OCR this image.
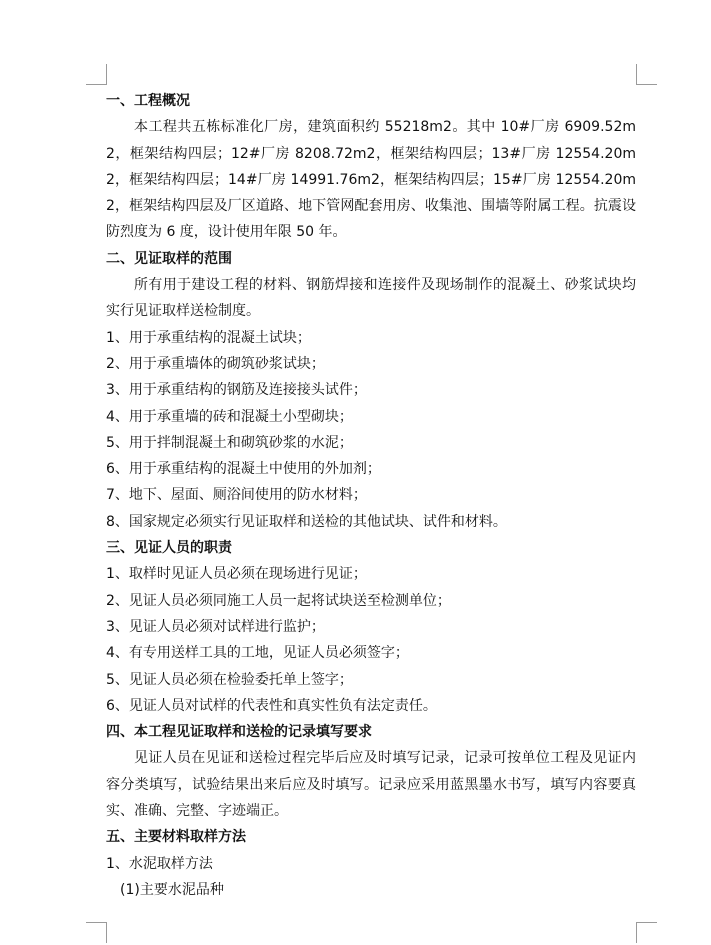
一、工程概况
本工程共五栋标准化厂房，建筑面积约 55218m2。其中 10#厂房 6909.52m2，框架结构四层；12#厂房 8208.72m2，框架结构四层；13#厂房 12554.20m2，框架结构四层；14#厂房 14991.76m2，框架结构四层；15#厂房 12554.20m2，框架结构四层及厂区道路、地下管网配套用房、收集池、围墙等附属工程。抗震设防烈度为 6 度，设计使用年限 50 年。
二、见证取样的范围
所有用于建设工程的材料、钢筋焊接和连接件及现场制作的混凝土、砂浆试块均实行见证取样送检制度。
1、用于承重结构的混凝土试块；
2、用于承重墙体的砌筑砂浆试块；
3、用于承重结构的钢筋及连接接头试件；
4、用于承重墙的砖和混凝土小型砌块；
5、用于拌制混凝土和砌筑砂浆的水泥；
6、用于承重结构的混凝土中使用的外加剂；
7、地下、屋面、厕浴间使用的防水材料；
8、国家规定必须实行见证取样和送检的其他试块、试件和材料。
三、见证人员的职责
1、取样时见证人员必须在现场进行见证；
2、见证人员必须同施工人员一起将试块送至检测单位；
3、见证人员必须对试样进行监护；
4、有专用送样工具的工地，见证人员必须签字；
5、见证人员必须在检验委托单上签字；
6、见证人员对试样的代表性和真实性负有法定责任。
四、本工程见证取样和送检的记录填写要求
见证人员在见证和送检过程完毕后应及时填写记录，记录可按单位工程及见证内容分类填写，试验结果出来后应及时填写。记录应采用蓝黑墨水书写，填写内容要真实、准确、完整、字迹端正。
五、主要材料取样方法
1、水泥取样方法
(1)主要水泥品种
